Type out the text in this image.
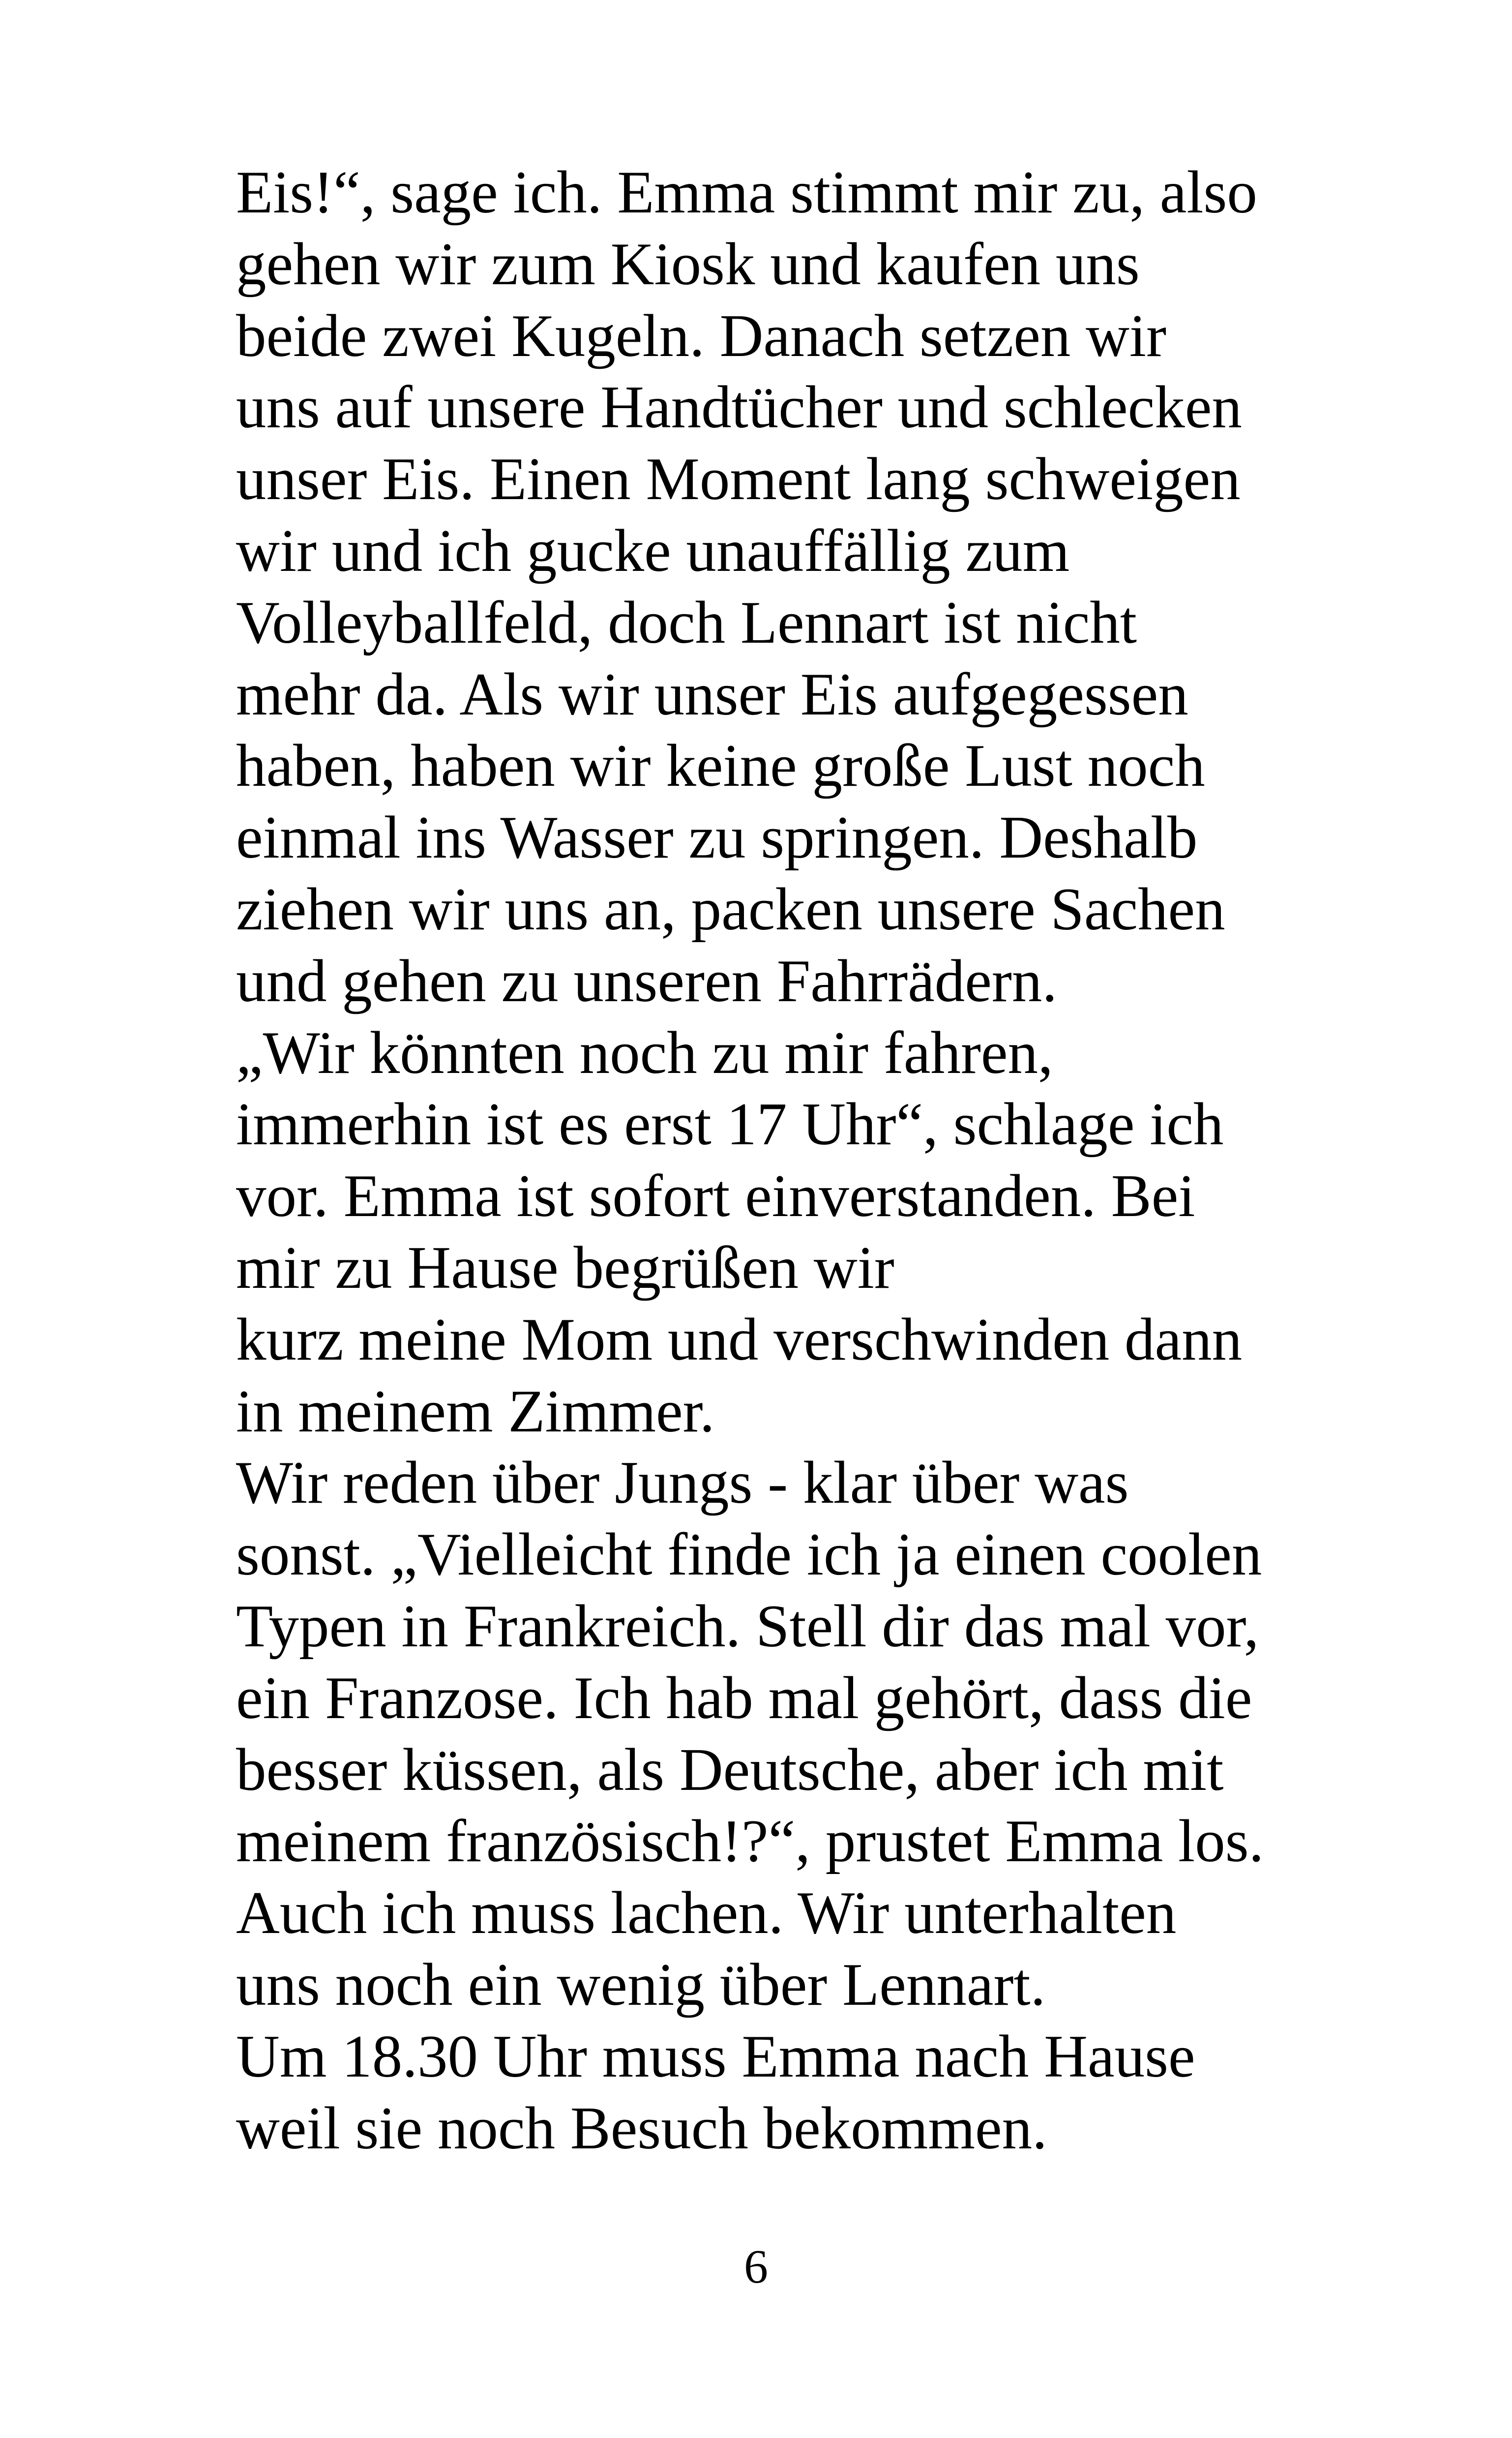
Eis!“, sage ich. Emma stimmt mir zu, also
gehen wir zum Kiosk und kaufen uns
beide zwei Kugeln. Danach setzen wir
uns auf unsere Handtücher und schlecken
unser Eis. Einen Moment lang schweigen
wir und ich gucke unauffällig zum
Volleyballfeld, doch Lennart ist nicht
mehr da. Als wir unser Eis aufgegessen
haben, haben wir keine große Lust noch
einmal ins Wasser zu springen. Deshalb
ziehen wir uns an, packen unsere Sachen
und gehen zu unseren Fahrrädern.
„Wir könnten noch zu mir fahren,
immerhin ist es erst 17 Uhr“, schlage ich
vor. Emma ist sofort einverstanden. Bei
mir zu Hause begrüßen wir
kurz meine Mom und verschwinden dann
in meinem Zimmer.
Wir reden über Jungs - klar über was
sonst. „Vielleicht finde ich ja einen coolen
Typen in Frankreich. Stell dir das mal vor,
ein Franzose. Ich hab mal gehört, dass die
besser küssen, als Deutsche, aber ich mit
meinem französisch!?“, prustet Emma los.
Auch ich muss lachen. Wir unterhalten
uns noch ein wenig über Lennart.
Um 18.30 Uhr muss Emma nach Hause
weil sie noch Besuch bekommen.
6
